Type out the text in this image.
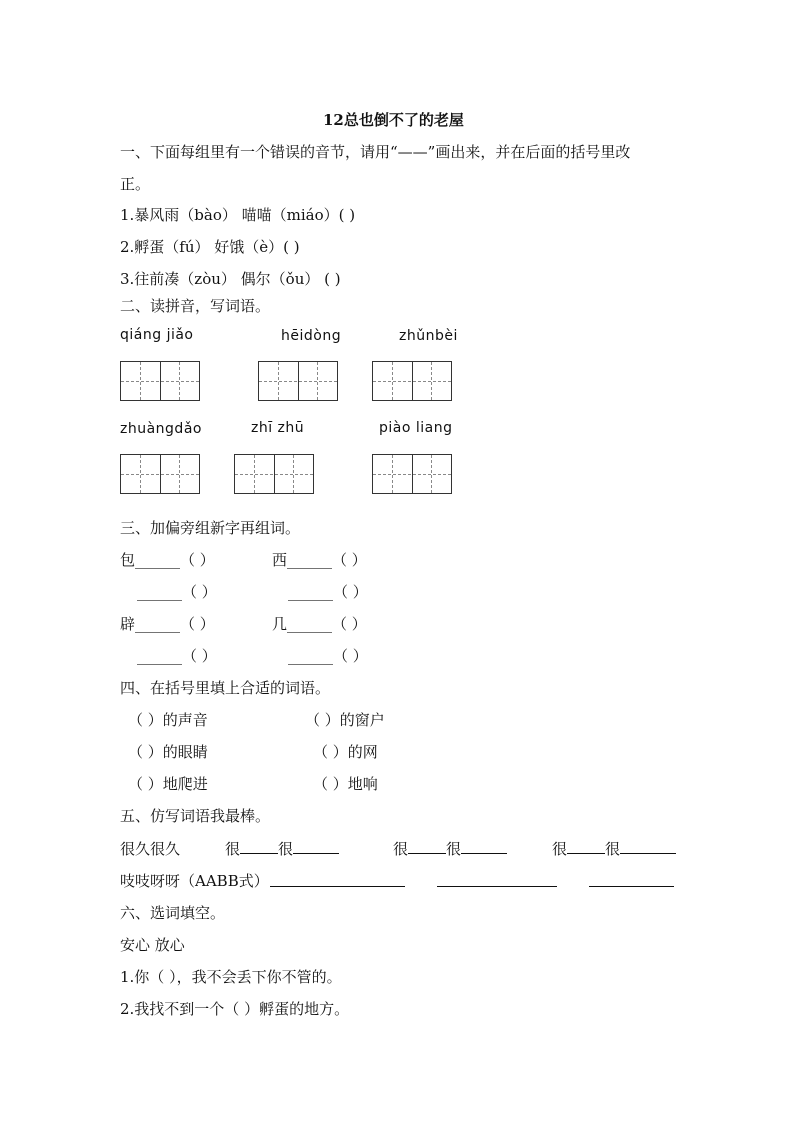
12总也倒不了的老屋
一、下面每组里有一个错误的音节，请用“——”画出来，并在后面的括号里改
正。
1.暴风雨（bào） 喵喵（miáo）( )
2.孵蛋（fú） 好饿（è）( )
3.往前凑（zòu） 偶尔（ǒu） ( )
二、读拼音，写词语。
qiáng jiǎo	hēidòng	zhǔnbèi
zhuàngdǎo	zhī zhū	piào liang
三、加偏旁组新字再组词。
包______（ ）	西______（ ）
______（ ）	______（ ）
辟______（ ）	几______（ ）
______（ ）	______（ ）
四、在括号里填上合适的词语。
（ ）的声音	（ ）的窗户
（ ）的眼睛	（ ）的网
（ ）地爬进	（ ）地响
五、仿写词语我最棒。
很久很久	很	很	很	很	很	很
吱吱呀呀（AABB式）
六、选词填空。
安心 放心
1.你（ ），我不会丢下你不管的。
2.我找不到一个（ ）孵蛋的地方。
